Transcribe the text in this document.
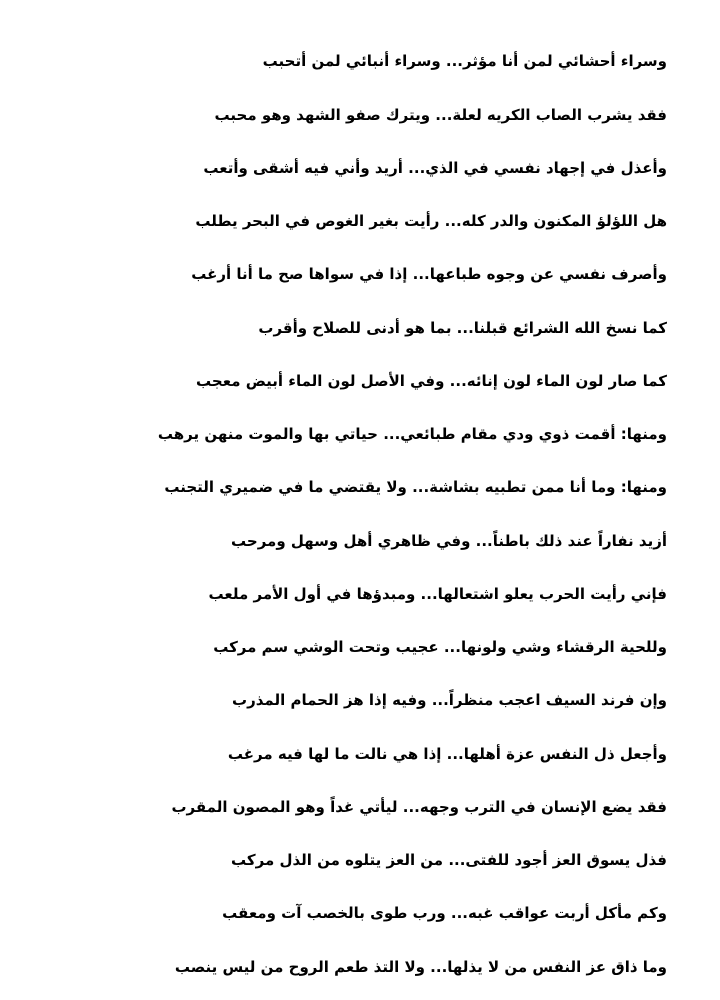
وسراء أحشائي لمن أنا مؤثر... وسراء أنبائي لمن أتحبب
فقد يشرب الصاب الكريه لعلة... ويترك صفو الشهد وهو محبب
وأعذل في إجهاد نفسي في الذي... أريد وأني فيه أشقى وأتعب
هل اللؤلؤ المكنون والدر كله... رأيت بغير الغوص في البحر يطلب
وأصرف نفسي عن وجوه طباعها... إذا في سواها صح ما أنا أرغب
كما نسخ الله الشرائع قبلنا... بما هو أدنى للصلاح وأقرب
كما صار لون الماء لون إنائه... وفي الأصل لون الماء أبيض معجب
ومنها: أقمت ذوي ودي مقام طبائعي... حياتي بها والموت منهن يرهب
ومنها: وما أنا ممن تطبيه بشاشة... ولا يقتضي ما في ضميري التجنب
أزيد نفاراً عند ذلك باطناً... وفي ظاهري أهل وسهل ومرحب
فإني رأيت الحرب يعلو اشتعالها... ومبدؤها في أول الأمر ملعب
وللحية الرقشاء وشي ولونها... عجيب وتحت الوشي سم مركب
وإن فرند السيف اعجب منظراً... وفيه إذا هز الحمام المذرب
وأجعل ذل النفس عزة أهلها... إذا هي نالت ما لها فيه مرغب
فقد يضع الإنسان في الترب وجهه... ليأتي غداً وهو المصون المقرب
فذل يسوق العز أجود للفتى... من العز يتلوه من الذل مركب
وكم مأكل أربت عواقب غبه... ورب طوى بالخصب آت ومعقب
وما ذاق عز النفس من لا يذلها... ولا التذ طعم الروح من ليس ينصب
